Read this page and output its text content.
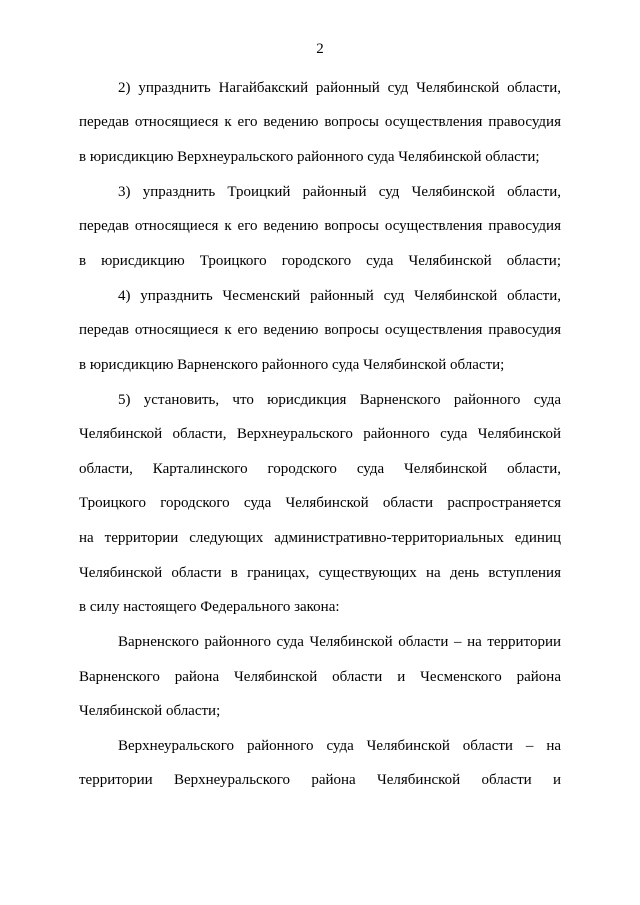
2
2) упразднить Нагайбакский районный суд Челябинской области,
передав относящиеся к его ведению вопросы осуществления правосудия
в юрисдикцию Верхнеуральского районного суда Челябинской области;
3) упразднить Троицкий районный суд Челябинской области,
передав относящиеся к его ведению вопросы осуществления правосудия
в юрисдикцию Троицкого городского суда Челябинской области;
4) упразднить Чесменский районный суд Челябинской области,
передав относящиеся к его ведению вопросы осуществления правосудия
в юрисдикцию Варненского районного суда Челябинской области;
5) установить, что юрисдикция Варненского районного суда
Челябинской области, Верхнеуральского районного суда Челябинской
области, Карталинского городского суда Челябинской области,
Троицкого городского суда Челябинской области распространяется
на территории следующих административно-территориальных единиц
Челябинской области в границах, существующих на день вступления
в силу настоящего Федерального закона:
Варненского районного суда Челябинской области – на территории
Варненского района Челябинской области и Чесменского района
Челябинской области;
Верхнеуральского районного суда Челябинской области – на
территории Верхнеуральского района Челябинской области и
